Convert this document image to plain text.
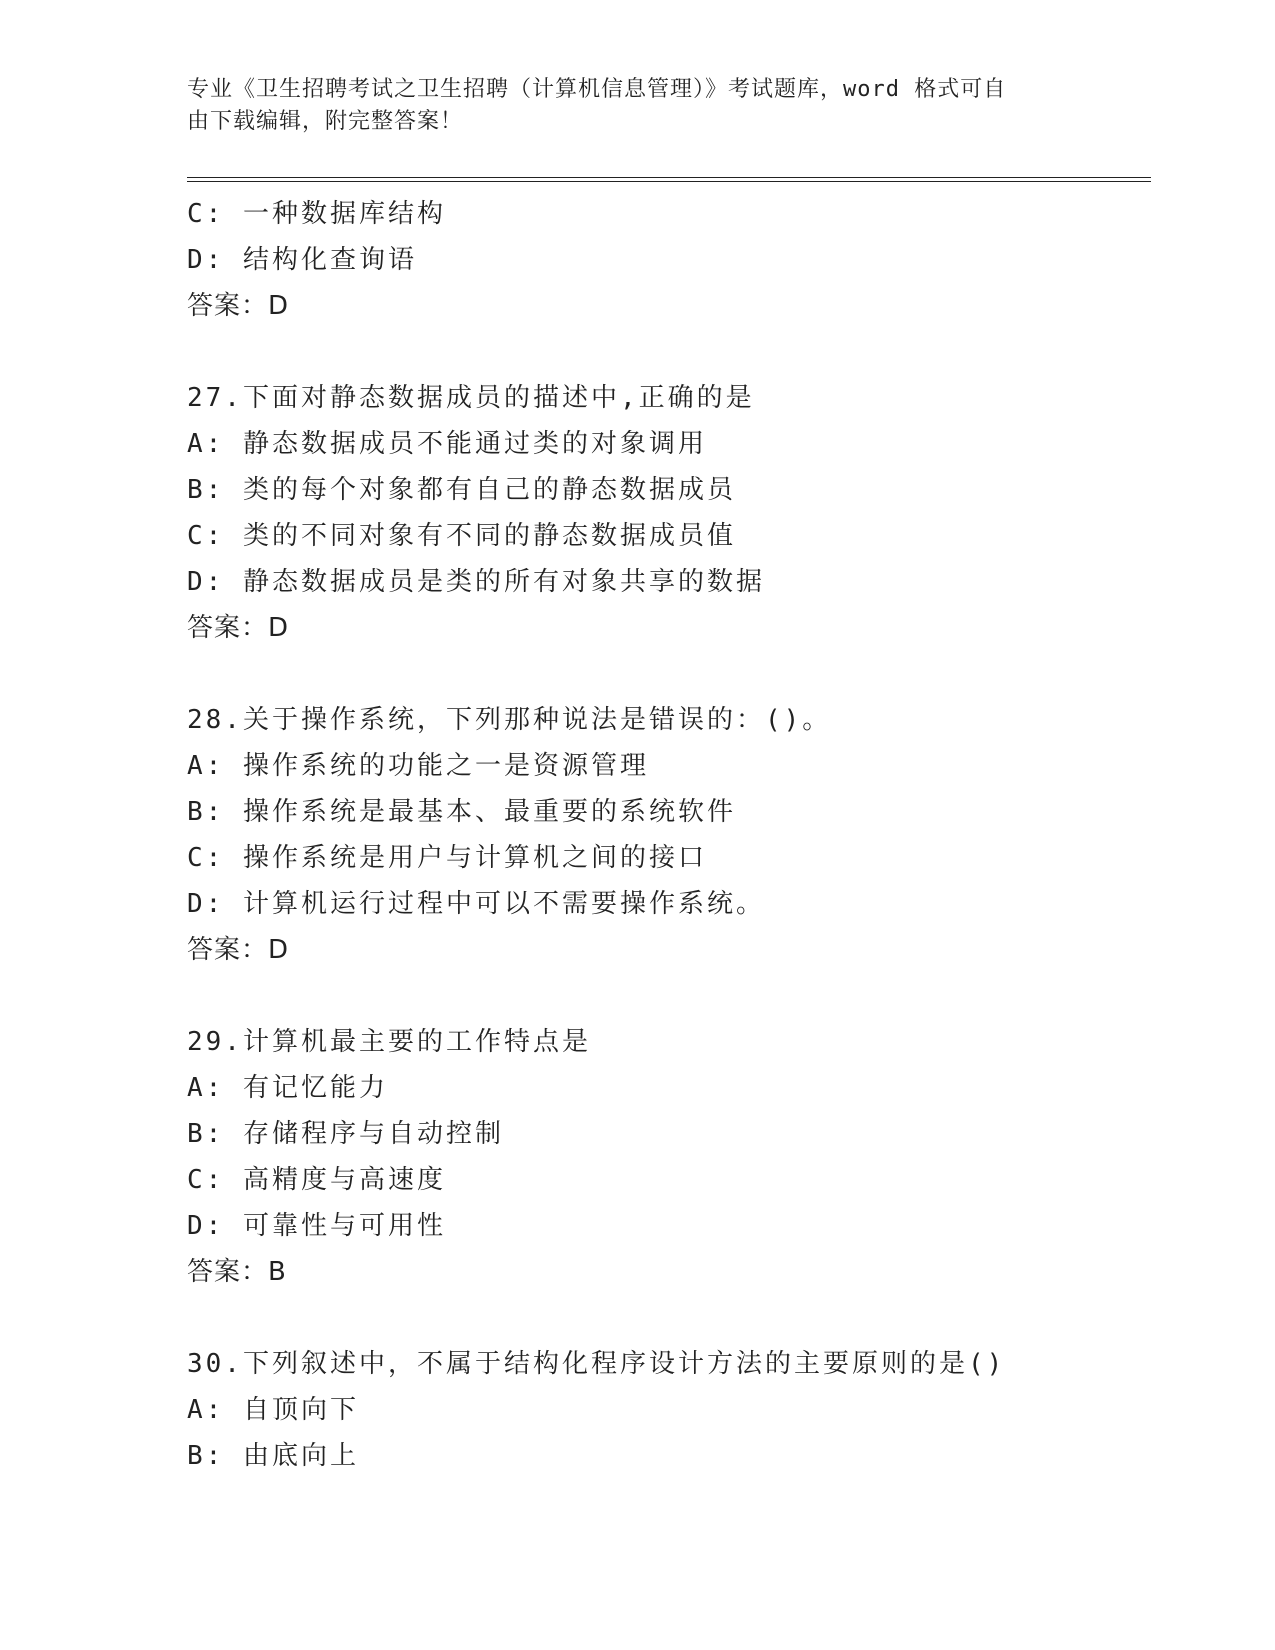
专业《卫生招聘考试之卫生招聘（计算机信息管理）》考试题库，word 格式可自
由下载编辑，附完整答案！
C: 一种数据库结构
D: 结构化查询语
答案：D
27.下面对静态数据成员的描述中,正确的是
A: 静态数据成员不能通过类的对象调用
B: 类的每个对象都有自己的静态数据成员
C: 类的不同对象有不同的静态数据成员值
D: 静态数据成员是类的所有对象共享的数据
答案：D
28.关于操作系统，下列那种说法是错误的：()。
A: 操作系统的功能之一是资源管理
B: 操作系统是最基本、最重要的系统软件
C: 操作系统是用户与计算机之间的接口
D: 计算机运行过程中可以不需要操作系统。
答案：D
29.计算机最主要的工作特点是
A: 有记忆能力
B: 存储程序与自动控制
C: 高精度与高速度
D: 可靠性与可用性
答案：B
30.下列叙述中，不属于结构化程序设计方法的主要原则的是()
A: 自顶向下
B: 由底向上
